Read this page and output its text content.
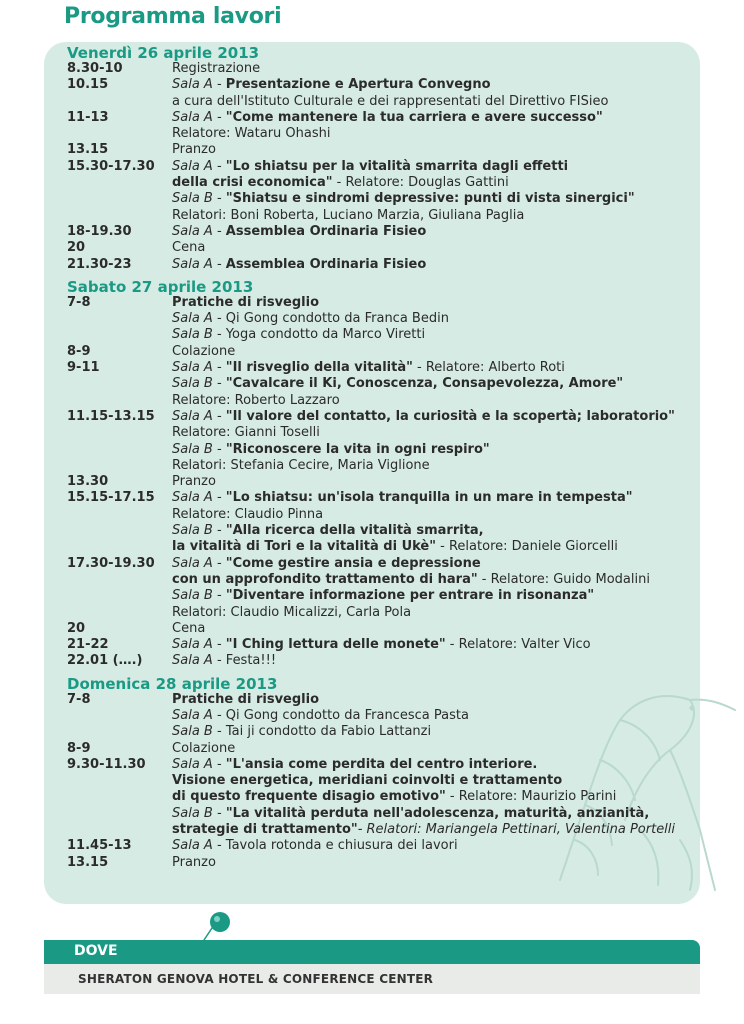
Programma lavori
Venerdì 26 aprile 2013
8.30-10	Registrazione
10.15	Sala A - Presentazione e Apertura Convegno
a cura dell'Istituto Culturale e dei rappresentati del Direttivo FISieo
11-13	Sala A - "Come mantenere la tua carriera e avere successo"
Relatore: Wataru Ohashi
13.15	Pranzo
15.30-17.30	Sala A - "Lo shiatsu per la vitalità smarrita dagli effetti
della crisi economica" - Relatore: Douglas Gattini
Sala B - "Shiatsu e sindromi depressive: punti di vista sinergici"
Relatori: Boni Roberta, Luciano Marzia, Giuliana Paglia
18-19.30	Sala A - Assemblea Ordinaria Fisieo
20	Cena
21.30-23	Sala A - Assemblea Ordinaria Fisieo
Sabato 27 aprile 2013
7-8	Pratiche di risveglio
Sala A - Qi Gong condotto da Franca Bedin
Sala B - Yoga condotto da Marco Viretti
8-9	Colazione
9-11	Sala A - "Il risveglio della vitalità" - Relatore: Alberto Roti
Sala B - "Cavalcare il Ki, Conoscenza, Consapevolezza, Amore"
Relatore: Roberto Lazzaro
11.15-13.15	Sala A - "Il valore del contatto, la curiosità e la scopertà; laboratorio"
Relatore: Gianni Toselli
Sala B - "Riconoscere la vita in ogni respiro"
Relatori: Stefania Cecire, Maria Viglione
13.30	Pranzo
15.15-17.15	Sala A - "Lo shiatsu: un'isola tranquilla in un mare in tempesta"
Relatore: Claudio Pinna
Sala B - "Alla ricerca della vitalità smarrita,
la vitalità di Tori e la vitalità di Ukè" - Relatore: Daniele Giorcelli
17.30-19.30	Sala A - "Come gestire ansia e depressione
con un approfondito trattamento di hara" - Relatore: Guido Modalini
Sala B - "Diventare informazione per entrare in risonanza"
Relatori: Claudio Micalizzi, Carla Pola
20	Cena
21-22	Sala A - "I Ching lettura delle monete" - Relatore: Valter Vico
22.01 (….)	Sala A - Festa!!!
Domenica 28 aprile 2013
7-8	Pratiche di risveglio
Sala A - Qi Gong condotto da Francesca Pasta
Sala B - Tai ji condotto da Fabio Lattanzi
8-9	Colazione
9.30-11.30	Sala A - "L'ansia come perdita del centro interiore.
Visione energetica, meridiani coinvolti e trattamento
di questo frequente disagio emotivo" - Relatore: Maurizio Parini
Sala B - "La vitalità perduta nell'adolescenza, maturità, anzianità,
strategie di trattamento"- Relatori: Mariangela Pettinari, Valentina Portelli
11.45-13	Sala A - Tavola rotonda e chiusura dei lavori
13.15	Pranzo
DOVE
SHERATON GENOVA HOTEL & CONFERENCE CENTER
